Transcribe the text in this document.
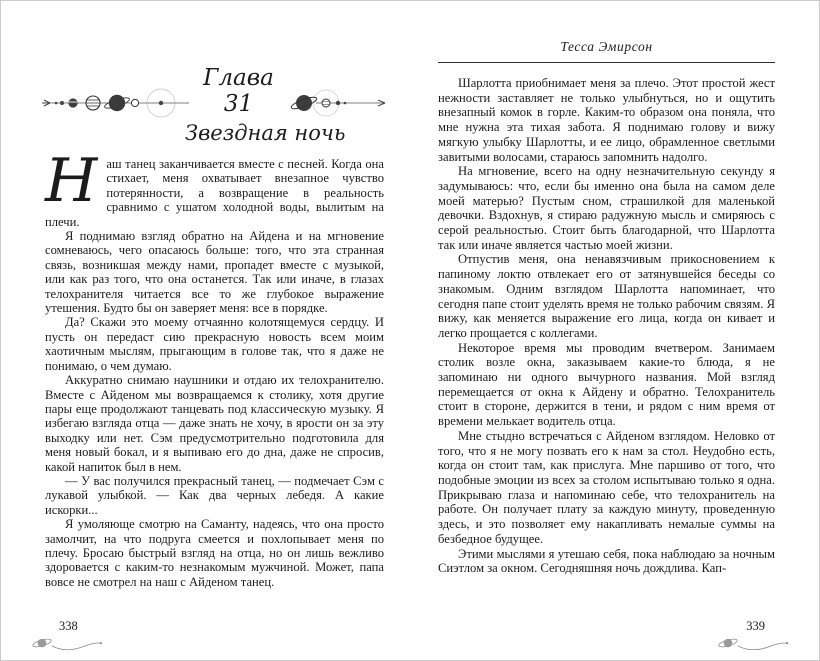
Глава 31
Звездная ночь

Наш танец заканчивается вместе с песней. Когда она стихает, меня охватывает внезапное чувство потерянности, а возвращение в реальность сравнимо с ушатом холодной воды, вылитым на плечи.

Я поднимаю взгляд обратно на Айдена и на мгновение сомневаюсь, чего опасаюсь больше: того, что эта странная связь, возникшая между нами, пропадет вместе с музыкой, или как раз того, что она останется. Так или иначе, в глазах телохранителя читается все то же глубокое выражение утешения. Будто бы он заверяет меня: все в порядке.

Да? Скажи это моему отчаянно колотящемуся сердцу. И пусть он передаст сию прекрасную новость всем моим хаотичным мыслям, прыгающим в голове так, что я даже не понимаю, о чем думаю.

Аккуратно снимаю наушники и отдаю их телохранителю. Вместе с Айденом мы возвращаемся к столику, хотя другие пары еще продолжают танцевать под классическую музыку. Я избегаю взгляда отца — даже знать не хочу, в ярости он за эту выходку или нет. Сэм предусмотрительно подготовила для меня новый бокал, и я выпиваю его до дна, даже не спросив, какой напиток был в нем.

— У вас получился прекрасный танец, — подмечает Сэм с лукавой улыбкой. — Как два черных лебедя. А какие искорки...

Я умоляюще смотрю на Саманту, надеясь, что она просто замолчит, на что подруга смеется и похлопывает меня по плечу. Бросаю быстрый взгляд на отца, но он лишь вежливо здоровается с каким-то незнакомым мужчиной. Может, папа вовсе не смотрел на наш с Айденом танец.

338
Тесса Эмирсон

Шарлотта приобнимает меня за плечо. Этот простой жест нежности заставляет не только улыбнуться, но и ощутить внезапный комок в горле. Каким-то образом она поняла, что мне нужна эта тихая забота. Я поднимаю голову и вижу мягкую улыбку Шарлотты, и ее лицо, обрамленное светлыми завитыми волосами, стараюсь запомнить надолго.

На мгновение, всего на одну незначительную секунду я задумываюсь: что, если бы именно она была на самом деле моей матерью? Пустым сном, страшилкой для маленькой девочки. Вздохнув, я стираю радужную мысль и смиряюсь с серой реальностью. Стоит быть благодарной, что Шарлотта так или иначе является частью моей жизни.

Отпустив меня, она ненавязчивым прикосновением к папиному локтю отвлекает его от затянувшейся беседы со знакомым. Одним взглядом Шарлотта напоминает, что сегодня папе стоит уделять время не только рабочим связям. Я вижу, как меняется выражение его лица, когда он кивает и легко прощается с коллегами.

Некоторое время мы проводим вчетвером. Занимаем столик возле окна, заказываем какие-то блюда, я не запоминаю ни одного вычурного названия. Мой взгляд перемещается от окна к Айдену и обратно. Телохранитель стоит в стороне, держится в тени, и рядом с ним время от времени мелькает водитель отца.

Мне стыдно встречаться с Айденом взглядом. Неловко от того, что я не могу позвать его к нам за стол. Неудобно есть, когда он стоит там, как прислуга. Мне паршиво от того, что подобные эмоции из всех за столом испытываю только я одна. Прикрываю глаза и напоминаю себе, что телохранитель на работе. Он получает плату за каждую минуту, проведенную здесь, и это позволяет ему накапливать немалые суммы на безбедное будущее.

Этими мыслями я утешаю себя, пока наблюдаю за ночным Сиэтлом за окном. Сегодняшняя ночь дождлива. Кап-

339
